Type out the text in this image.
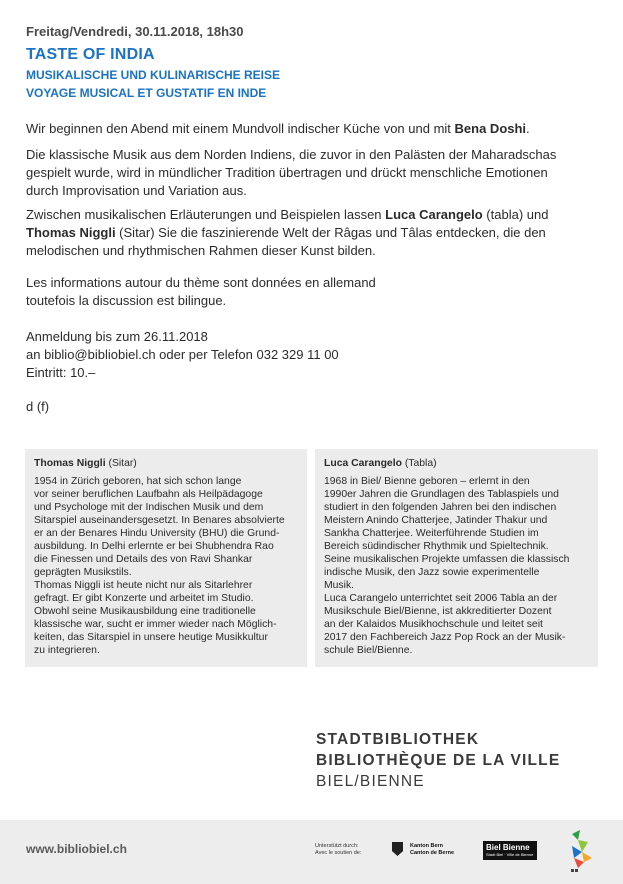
Freitag/Vendredi, 30.11.2018, 18h30
TASTE OF INDIA
MUSIKALISCHE UND KULINARISCHE REISE
VOYAGE MUSICAL ET GUSTATIF EN INDE
Wir beginnen den Abend mit einem Mundvoll indischer Küche von und mit Bena Doshi.
Die klassische Musik aus dem Norden Indiens, die zuvor in den Palästen der Maharadschas
gespielt wurde, wird in mündlicher Tradition übertragen und drückt menschliche Emotionen
durch Improvisation und Variation aus.
Zwischen musikalischen Erläuterungen und Beispielen lassen Luca Carangelo (tabla) und
Thomas Niggli (Sitar) Sie die faszinierende Welt der Râgas und Tâlas entdecken, die den
melodischen und rhythmischen Rahmen dieser Kunst bilden.
Les informations autour du thème sont données en allemand
toutefois la discussion est bilingue.
Anmeldung bis zum 26.11.2018
an biblio@bibliobiel.ch oder per Telefon 032 329 11 00
Eintritt: 10.–
d (f)
Thomas Niggli (Sitar)
1954 in Zürich geboren, hat sich schon lange
vor seiner beruflichen Laufbahn als Heilpädagoge
und Psychologe mit der Indischen Musik und dem
Sitarspiel auseinandersgesetzt. In Benares absolvierte
er an der Benares Hindu University (BHU) die Grund-
ausbildung. In Delhi erlernte er bei Shubhendra Rao
die Finessen und Details des von Ravi Shankar
geprägten Musikstils.
Thomas Niggli ist heute nicht nur als Sitarlehrer
gefragt. Er gibt Konzerte und arbeitet im Studio.
Obwohl seine Musikausbildung eine traditionelle
klassische war, sucht er immer wieder nach Möglich-
keiten, das Sitarspiel in unsere heutige Musikkultur
zu integrieren.
Luca Carangelo (Tabla)
1968 in Biel/ Bienne geboren – erlernt in den
1990er Jahren die Grundlagen des Tablaspiels und
studiert in den folgenden Jahren bei den indischen
Meistern Anindo Chatterjee, Jatinder Thakur und
Sankha Chatterjee. Weiterführende Studien im
Bereich südindischer Rhythmik und Spieltechnik.
Seine musikalischen Projekte umfassen die klassisch
indische Musik, den Jazz sowie experimentelle
Musik.
Luca Carangelo unterrichtet seit 2006 Tabla an der
Musikschule Biel/Bienne, ist akkreditierter Dozent
an der Kalaidos Musikhochschule und leitet seit
2017 den Fachbereich Jazz Pop Rock an der Musik-
schule Biel/Bienne.
STADTBIBLIOTHEK
BIBLIOTHÈQUE DE LA VILLE
BIEL/BIENNE
www.bibliobiel.ch	Unterstützt durch:
Avec le soutien de:
Kanton Bern
Canton de Berne
Biel Bienne
Stadt Biel · Ville de Bienne
